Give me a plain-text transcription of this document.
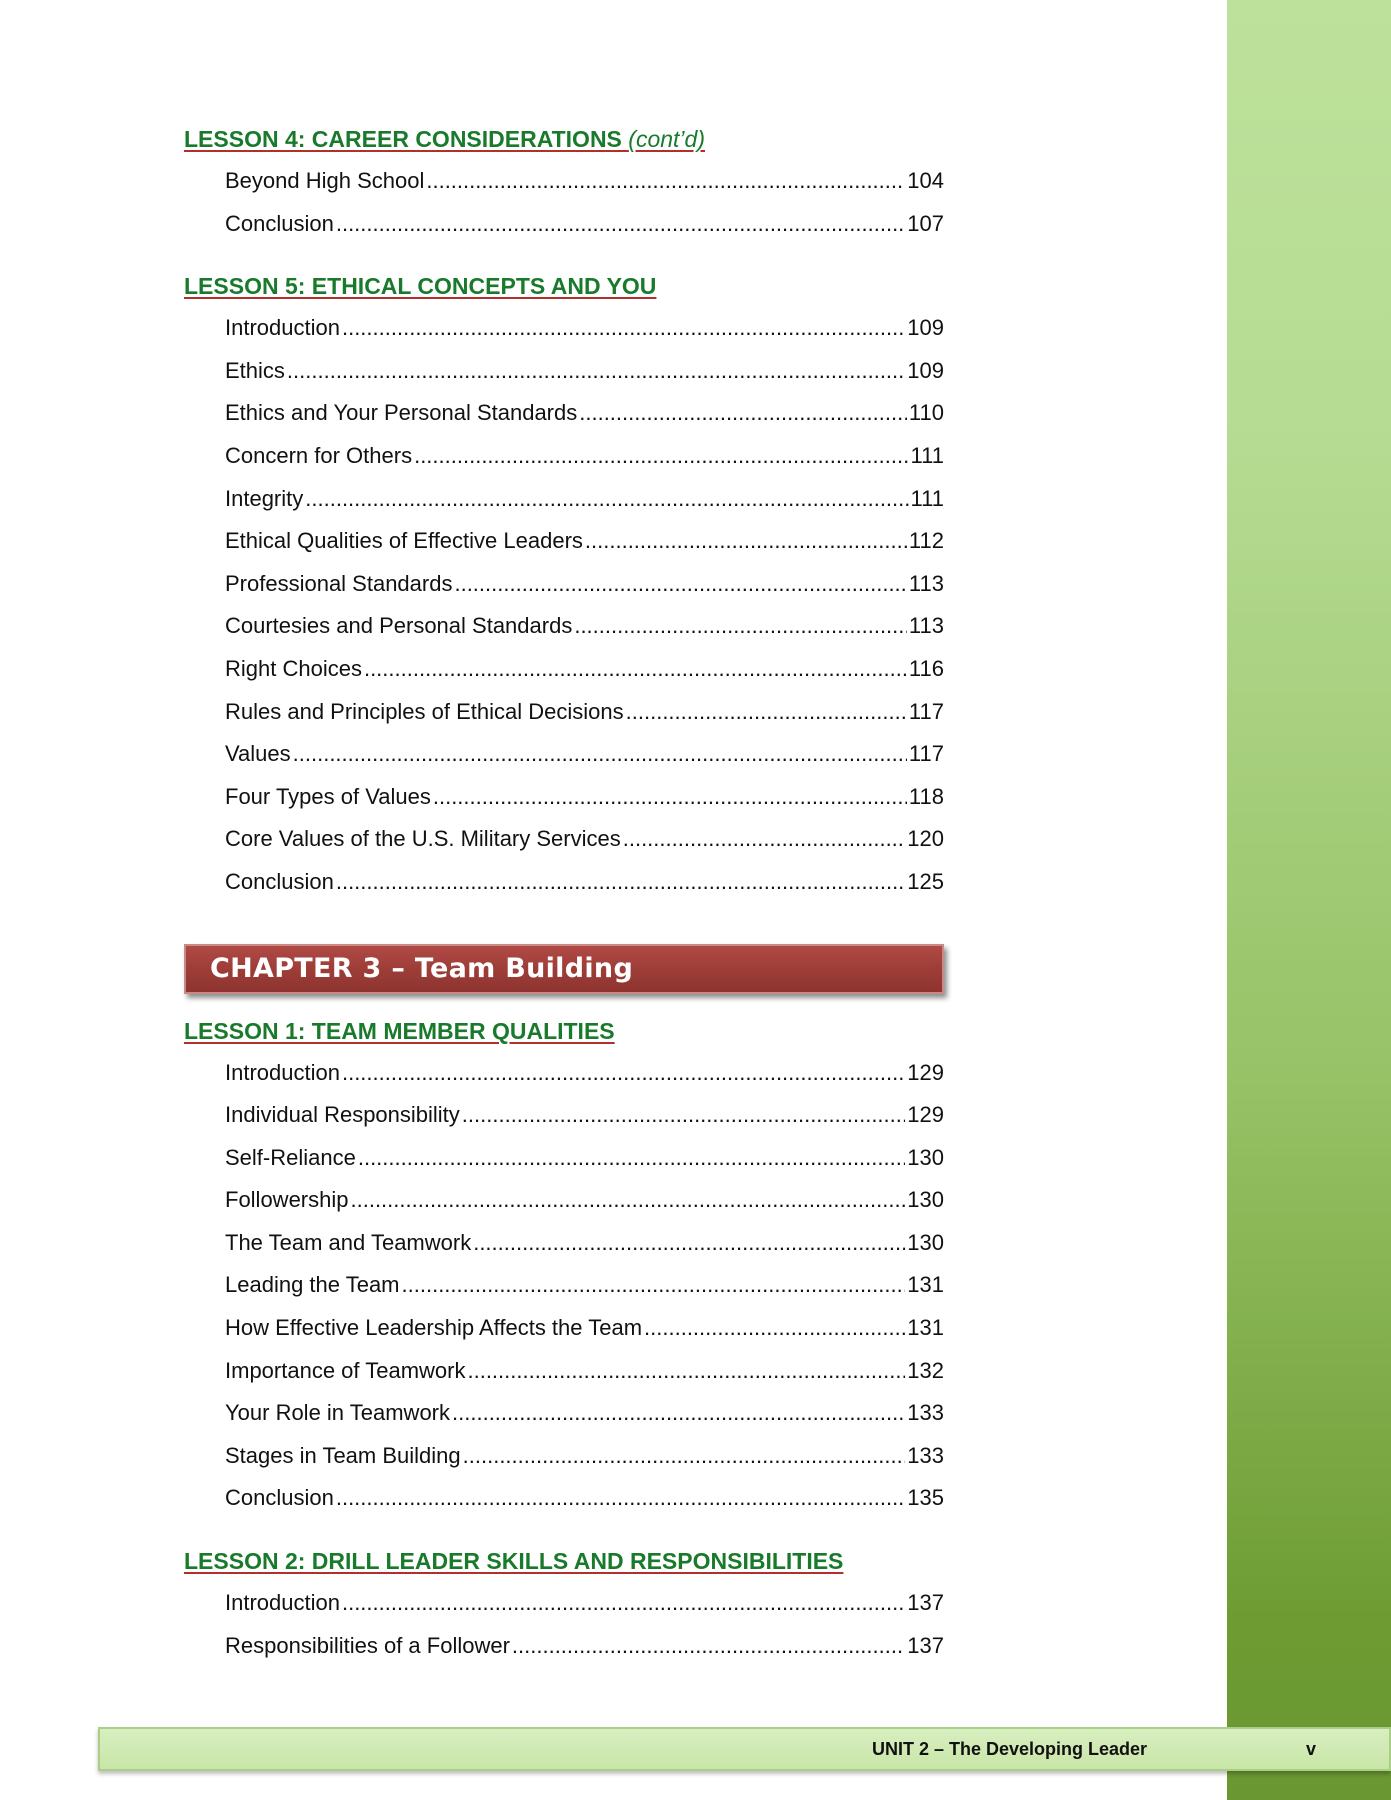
LESSON 4: CAREER CONSIDERATIONS (cont’d)
Beyond High School .....	104
Conclusion .....	107
LESSON 5: ETHICAL CONCEPTS AND YOU
Introduction .....	109
Ethics .....	109
Ethics and Your Personal Standards .....	110
Concern for Others .....	111
Integrity .....	111
Ethical Qualities of Effective Leaders .....	112
Professional Standards .....	113
Courtesies and Personal Standards .....	113
Right Choices .....	116
Rules and Principles of Ethical Decisions .....	117
Values .....	117
Four Types of Values .....	118
Core Values of the U.S. Military Services .....	120
Conclusion .....	125
CHAPTER 3 – Team Building
LESSON 1: TEAM MEMBER QUALITIES
Introduction .....	129
Individual Responsibility .....	129
Self-Reliance .....	130
Followership .....	130
The Team and Teamwork .....	130
Leading the Team .....	131
How Effective Leadership Affects the Team .....	131
Importance of Teamwork .....	132
Your Role in Teamwork .....	133
Stages in Team Building .....	133
Conclusion .....	135
LESSON 2: DRILL LEADER SKILLS AND RESPONSIBILITIES
Introduction .....	137
Responsibilities of a Follower .....	137
UNIT 2 – The Developing Leader	v
